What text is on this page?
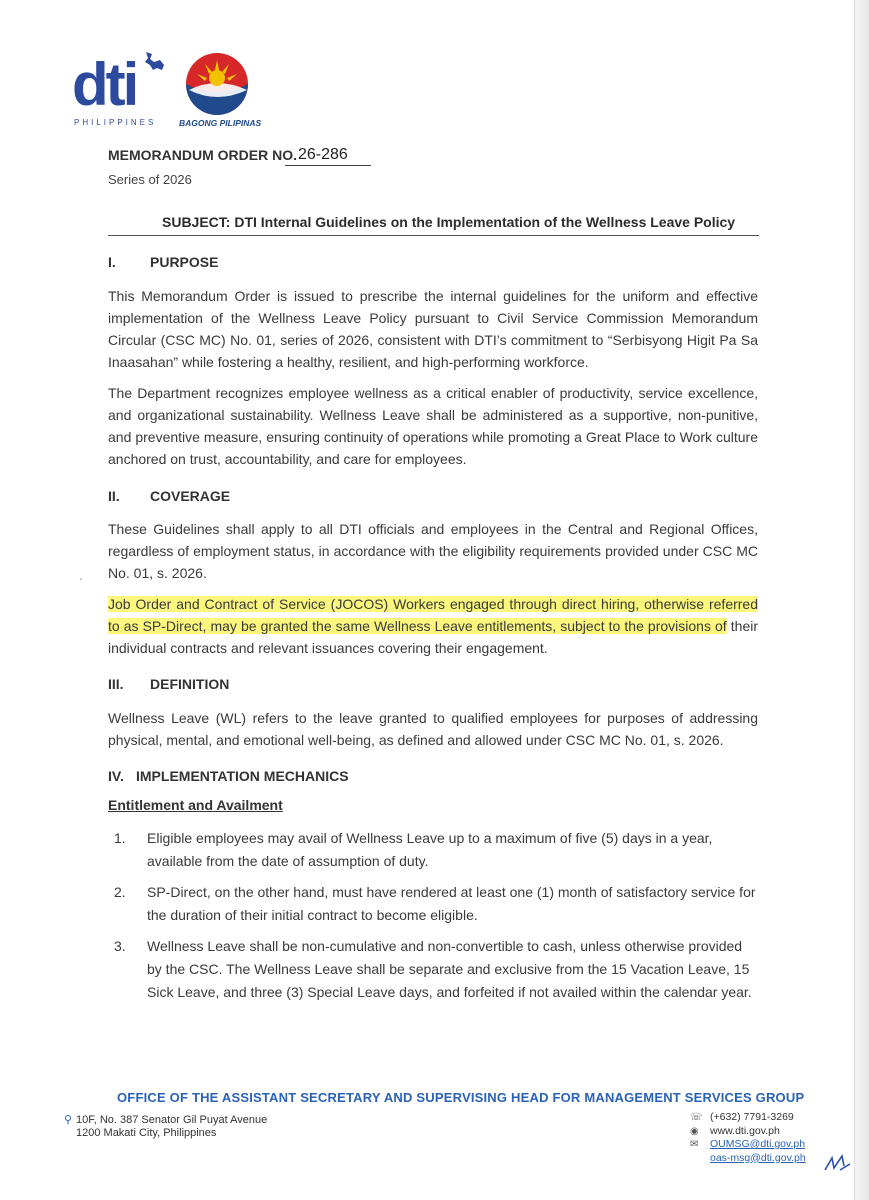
dti
PHILIPPINES	BAGONG PILIPINAS
MEMORANDUM ORDER NO. 26-286
Series of 2026
SUBJECT: DTI Internal Guidelines on the Implementation of the Wellness Leave Policy
I. PURPOSE
This Memorandum Order is issued to prescribe the internal guidelines for the uniform and effective implementation of the Wellness Leave Policy pursuant to Civil Service Commission Memorandum Circular (CSC MC) No. 01, series of 2026, consistent with DTI’s commitment to “Serbisyong Higit Pa Sa Inaasahan” while fostering a healthy, resilient, and high-performing workforce.
The Department recognizes employee wellness as a critical enabler of productivity, service excellence, and organizational sustainability. Wellness Leave shall be administered as a supportive, non-punitive, and preventive measure, ensuring continuity of operations while promoting a Great Place to Work culture anchored on trust, accountability, and care for employees.
II. COVERAGE
These Guidelines shall apply to all DTI officials and employees in the Central and Regional Offices, regardless of employment status, in accordance with the eligibility requirements provided under CSC MC No. 01, s. 2026.
Job Order and Contract of Service (JOCOS) Workers engaged through direct hiring, otherwise referred to as SP-Direct, may be granted the same Wellness Leave entitlements, subject to the provisions of their individual contracts and relevant issuances covering their engagement.
III. DEFINITION
Wellness Leave (WL) refers to the leave granted to qualified employees for purposes of addressing physical, mental, and emotional well-being, as defined and allowed under CSC MC No. 01, s. 2026.
IV. IMPLEMENTATION MECHANICS
Entitlement and Availment
1. Eligible employees may avail of Wellness Leave up to a maximum of five (5) days in a year, available from the date of assumption of duty.
2. SP-Direct, on the other hand, must have rendered at least one (1) month of satisfactory service for the duration of their initial contract to become eligible.
3. Wellness Leave shall be non-cumulative and non-convertible to cash, unless otherwise provided by the CSC. The Wellness Leave shall be separate and exclusive from the 15 Vacation Leave, 15 Sick Leave, and three (3) Special Leave days, and forfeited if not availed within the calendar year.
OFFICE OF THE ASSISTANT SECRETARY AND SUPERVISING HEAD FOR MANAGEMENT SERVICES GROUP
⚲ 10F, No. 387 Senator Gil Puyat Avenue
1200 Makati City, Philippines
☏ (+632) 7791-3269
◉ www.dti.gov.ph
✉ OUMSG@dti.gov.ph
oas-msg@dti.gov.ph
